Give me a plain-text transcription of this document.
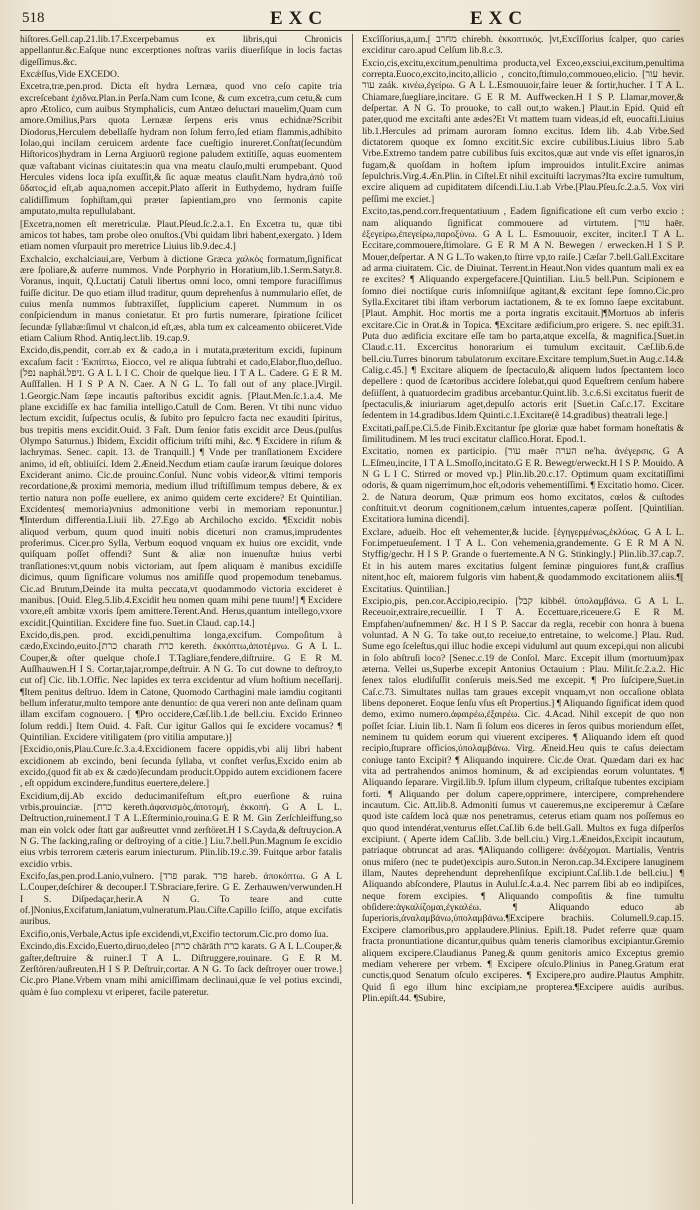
518	EXC	EXC

hiſtores.Gell.cap.21.lib.17.Excerpebamus ex libris,qui Chronicis appellantur.&c.Eaſque nunc excerptiones noſtras variis diuerſiſque in locis factas digeſſimus.&c.

Excǽſſus,Vide EXCEDO.

Excetra,træ,pen.prod. Dicta eſt hydra Lernæa, quod vno ceſo capite tria excreſcebant ἐχιδνα.Plan.in Perſa.Nam cum Icone, & cum excetra,cum cetu,& cum apro Ætolico, cum auibus Stymphalicis, cum Antæo deluctari mauelim,Quam cum amore.Omilius,Pars quota Lernææ ſerpens eris vnus echidnæ?Scribit Diodorus,Herculem debellaſſe hydram non ſolum ferro,ſed etiam flammis,adhibito Iolao,qui incilam ceruicem ardente face cueſtigio inureret.Conſtat(ſecundùm Hiſtoricos)hydram in Lerna Argiuorū regione paludem extitiſſe, aquas euomentem quæ vaſtabant vicinas ciuitates:in qua vna meatu clauſo,multi erumpebant. Quod Hercules videns loca ipſa exuſſit,& ſic aquæ meatus clauſit.Nam hydra,ἀπὸ τοῦ ὕδατος,id eſt,ab aqua,nomen accepit.Plato aſſerit in Euthydemo, hydram fuiſſe calidiſſimum ſophiſtam,qui præter ſapientiam,pro vno ſermonis capite amputato,multa repullulabant.

[Excetra,nomen eſt meretriculæ. Plaut.Pſeud.ſc.2.a.1. En Excetra tu, quæ tibi amicos tot habes, tam probe oleo onuſtos.(Vbi quidam libri habent,exergato. ) Idem etiam nomen vſurpauit pro meretrice Liuius lib.9.dec.4.]

Exchalcio, exchalciaui,are, Verbum à dictione Græca χαλκὸς formatum,ſignificat ære ſpoliare,& auferre nummos. Vnde Porphyrio in Horatium,lib.1.Serm.Satyr.8. Voranus, inquit, Q.Luctatij Catuli libertus omni loco, omni tempore furaciſſimus fuiſſe dicitur. De quo etiam illud traditur, quum deprehenſus à nummulario eſſet, de cuius menſa nummos ſubtraxiſſet, ſupplicium caperet. Nummum in os conſpiciendum in manus conietatur. Et pro furtis numerare, ſpiratione ſcilicet ſecundæ ſyllabæ:ſimul vt chalcon,id eſt,æs, abla tum ex calceamento obiiceret.Vide etiam Calium Rhod. Antiq.lect.lib. 19.cap.9.

Excido,dis,pendit, corr.ab ex & cado,a in i mutata,præteritum excidi, ſupinum excaſum facit : Ἐκπίπτω, Eiocco, vel re aliqua ſubtrahi et cado,Elabor,fluo,deſluo. [נפל naphál.ניפל. G A L L I C. Choir de quelque lieu. I T A L. Cadere. G E R M. Auſſfallen. H I S P A N. Caer. A N G L. To fall out of any place.]Virgil. 1.Georgic.Nam ſæpe incautis paſtoribus excidit agnis. [Plaut.Men.ſc.1.a.4. Me plane excidiſſe ex hac familia intelligo.Catull de Com. Beren. Vt tibi nunc viduo lectum excidit, ſuſpectus oculis, & ſubito pro ſepulcro facta nec exauditi ſpiritus, bus trepitis mens excidit.Ouid. 3 Faſt. Dum ſenior fatis excidit arce Deus.(pulſus Olympo Saturnus.) Ibidem, Excidit officium triſti mihi, &c. ¶ Excidere in riſum & lachrymas. Senec. capit. 13. de Tranquill.] ¶ Vnde per tranſlationem Excidere animo, id eſt, obliuiſci. Idem 2.Æneid.Necdum etiam cauſæ irarum ſæuique dolores Exciderant animo. Cic.de prouinc.Conſul. Nunc vobis videor,& vltimi temporis recordatione,& proximi memoria, medium illud triſtiſſimum tempus debere, & ex tertio natura non poſſe euellere, ex animo quidem certe excidere? Et Quintilian. Excidentes( memoria)vnius admonitione verbi in memoriam reponuntur.] ¶Interdum differentia.Liuii lib. 27.Ego ab Archilocho excido. ¶Excidit nobis aliquod verbum, quum quod inuiti nobis diceturi non cramus,imprudentes proferimus. Cicer.pro Sylla, Verbum eoquod vnquam ex huius ore excidit, vnde quiſquam poſſet offendi? Sunt & aliæ non inuenuſtæ huius verbi tranſlationes:vt,quum nobis victoriam, aut ſpem aliquam è manibus excidiſſe dicimus, quum ſignificare volumus nos amiſiſſe quod propemodum tenebamus. Cic.ad Brutum,Deinde ita multa peccata,vt quodammodo victoria excideret è manibus. [Ouid. Eleg.5.lib.4.Excidit heu nomen quam mihi pene tuum!] ¶ Excidere vxore,eſt ambitæ vxoris ſpem amittere.Terent.And. Herus,quantum intellego,vxore excidit.[Quintilian. Excidere fine fuo. Suet.in Claud. cap.14.]

Excido,dis,pen. prod. excidi,penultima longa,excifum. Compoſitum à cædo,Excindo,euito.[כרת charath כרת kereth. ἐκκόπτω,ἀποτέμνω. G A L L. Couper,& oſter quelque choſe.I T.Tagliare,fendere,diſtruire. G E R M. Auſſhauwen.H I S. Cortar,tajar,rompe,deſtruir. A N G. To cut downe to deſtroy,to cut of] Cic. lib.1.Offic. Nec lapides ex terra excidentur ad vſum hoſtium neceſſarij. ¶Item penitus deſtruo. Idem in Catone, Quomodo Carthagini male iamdiu cogitanti bellum inferatur,multo tempore ante denuntio: de qua vereri non ante deſinam quam illam excifam cognouero. [ ¶Pro occidere,Cæſ.lib.1.de bell.ciu. Excido Erinneo ſolum reddi.] Item Ouid. 4. Faſt. Cur igitur Gallos qui ſe excidere vocamus? ¶ Quintilian. Excidere vitiligatem (pro vitilia amputare.)]

[Excidio,onis,Plau.Cure.ſc.3.a.4.Excidionem facere oppidis,vbi alij libri habent excidionem ab excindo, beni ſecunda ſyllaba, vt conſtet verſus,Excido enim ab excido,(quod fit ab ex & cædo)ſecundam producit.Oppido autem excidionem facere , eſt oppidum excindere,funditus euertere,delere.]

Excidium,dij.Ab excido deducimanifeſtum eſt,pro euerſione & ruina vrbis,prouinciæ. [כרת kereth.ἀφανισμὸς,ἀποτομή, ἐκκοπή. G A L L. Deſtruction,ruinement.I T A L.Eſterminio,rouina.G E R M. Gin Zerſchleiffung,so man ein volck oder ſtatt gar außreuttet vnnd zerſtöret.H I S.Cayda,& deſtruycion.A N G. The ſacking,raſing or deſtroying of a citie.] Liu.7.bell.Pun.Magnum ſe excidio eius vrbis terrorem cæteris earum iniecturum. Plin.lib.19.c.39. Fuitque arbor fatalis excidio vrbis.

Excifo,ſas,pen.prod.Lanio,vulnero. [פרד parak. פרד hareb. ἀποκόπτω. G A L L.Couper,deſchirer & decouper.I T.Sbraciare,ferire. G E. Zerhauwen/verwunden.H I S. Diſpedaçar,herir.A N G. To teare and cutte of.]Nonius,Excifatum,laniatum,vulneratum.Plau.Ciſte.Capillo ſciſſo, atque excifatis auribus.

Excifio,onis,Verbale,Actus ipſe excidendi,vt,Excifio tectorum.Cic.pro domo ſua.

Excindo,dis.Excido,Euerto,diruo,deleo [כרת chārāth כרת karats. G A L L.Couper,& gaſter,deſtruire & ruiner.I T A L. Diſtruggere,rouinare. G E R M. Zerſtören/außreuten.H I S P. Deſtruir,cortar. A N G. To ſack deſtroyer ouer trowe.] Cic.pro Plane.Vrbem vnam mihi amiciſſimam declinaui,quæ ſe vel potius excindi, quàm è ſuo complexu vt eriperet, facile pateretur.

Excîſſorius,a,um.[ מחרב chirebh. ἐκκοπτικός. ]vt,Excîſſorius ſcalper, quo caries exciditur caro.apud Celſum lib.8.c.3.

Excio,cis,excitu,excitum,penultima producta,vel Exceo,exsciui,excitum,penultima correpta.Euoco,excito,incito,allicio , concito,ſtimulo,commoueo,elicio. [עור hevir. עור zaák. κινέω,ἐγείρω. G A L L.Esmouuoir,faire leuer & ſortir,hucher. I T A L. Chiamare,ſuegliare,incitare. G E R M. Auffwecken.H I S P. Llamar,mover,& deſpertar. A N G. To prouoke, to call out,to waken.] Plaut.in Epid. Quid eſt pater,quod me excitaſti ante ædes?Et Vt mattem tuam videas,id eſt, euocaſti.Liuius lib.1.Hercules ad primam auroram ſomno excitus. Idem lib. 4.ab Vrbe.Sed dictatorem quoque ex ſomno excitit.Sic excire cubilibus.Liuius libro 5.ab Vrbe.Extremo tandem patre cubilibus ſuis excitos,quæ aut vnde vis eſſet ignaros,in fugam,& quoſdam in hoſtem ipſum improuidos intulit.Excire animas ſepulchris.Virg.4.Æn.Plin. in Ciſtel.Et nihil excituiſti lacrymas?Ita excire tumultum, excire aliquem ad cupiditatem diſcendi.Liu.1.ab Vrbe.[Plau.Pſeu.ſc.2.a.5. Vox viri peſſimi me exciet.]

Excito,tas,pend.corr.frequentatiuum , Eadem ſignificatione eſt cum verbo excio : nam aliquando ſignificat commouere ad virtutem. [עור haēr. ἐξεγείρω,ἐπεγείρω,παροξύνω. G A L L. Esmouuoir, exciter, inciter.I T A L. Eccitare,commouere,ſtimolare. G E R M A N. Bewegen / erwecken.H I S P. Mouer,deſpertar. A N G L.To waken,to ſtirre vp,to raiſe.] Cæſar 7.bell.Gall.Excitare ad arma ciuitatem. Cic. de Diuinat. Terrent.in Heaut.Non vides quantum mali ex ea re excites? ¶ Aliquando expergefacere.[Quintilian. Liu.5 bell.Pun. Scipionem e ſomno diei noctiſque curis inſomniiſque agitant,& excitant ſepe ſomno.Cic.pro Sylla.Excitaret tibi iſtam verborum iactationem, & te ex ſomno ſaepe excitabunt. [Plaut. Amphit. Hoc mortis me a porta ingratis excitauit.]¶Mortuos ab inferis excitare.Cic in Orat.& in Topica. ¶Excitare ædificium,pro erigere. S. nec epiſt.31. Puta duo ædificia excitare eſſe tam bo parta,atque excelſa, & magnifica.[Suet.in Claud.c.11. Excercitus honorarium ei tumulum excitauit. Cæſ.lib.6.de bell.ciu.Turres binorum tabulatorum excitare.Excitare templum,Suet.in Aug.c.14.& Calig.c.45.] ¶ Excitare aliquem de ſpectaculo,& aliquem ludos ſpectantem loco depellere : quod de ſcætoribus accidere ſolebat,qui quod Equeſtrem cenſum habere deſiiſſent, à quatuordecim gradibus arcebantur.Quint.lib. 3.c.6.Si excitatus fuerit de ſpectaculis,& iniuriarum aget,depulſo actoris erit [Suet.in Caſ.c.17. Excitare ſedentem in 14.gradibus.Idem Quinti.c.1.Excitare(ẽ 14.gradibus) theatrali lege.]

Excitati,paſſ.pe.Ci.5.de Finib.Excitantur ſpe gloriæ quæ habet formam honeſtatis & ſimilitudinem. M les truci excitatur claſſico.Horat. Epod.1.

Excitatio, nomen ex participio. [עור maēr הערה ne'ha. ἀνέγερσις. G A L.Eſmeu,incite, I T A L.Smoſſo,incitato.G E R. Bewegt/erweckt.H I S P. Mouido. A N G L I C. Stirred or moved vp.] Plin.lib.20.c.17. Optimum quam excitatiſſimi odoris, & quam nigerrimum,hoc eſt,odoris vehementiſſimi. ¶ Excitatio homo. Cicer. 2. de Natura deorum, Quæ primum eos homo excitatos, cœlos & cuſtodes conſtituit.vt deorum cognitionem,cælum intuentes,caperæ poſſent. [Quintilian. Excitatiora lumina dicendi].

Exclare, adueib. Hoc eſt vehementer,& lucide. [ἐγηγερμένως,ἐκλύως. G A L L. For.impetueuſement. I T A L. Con vehemenia,grandemente. G E R M A N. Styffig/gechr. H I S P. Grande o fuertemente.A N G. Stinkingly.] Plin.lib.37.cap.7. Et in his autem mares excitatius ſulgent ſeminæ pinguiores funt,& craſſius nitent,hoc eſt, maiorem fulgoris vim habent,& quodammodo excitationem aliis.¶[ Excitatius. Quintilian.]

Excipio,pis, pen.cor.Accipio,recipio. [קבל kibbél. ὑπολαμβάνω. G A L L. Receuoir,extraire,recueillir. I T A. Eccettuare,riceuere.G E R M. Empfahen/aufnemmen/ &c. H I S P. Saccar da regla, recebir con honra à buena voluntad. A N G. To take out,to receiue,to entretaine, to welcome.] Plau. Rud. Sume ego ſceleſtus,qui illuc hodie excepi viduluml aut quum excepi,qui non alicubi in ſolo abſtruſi loco? [Senec.c.19 de Conſol. Marc. Excepit illum (mortuum)pax æterna. Vellei us,Superbe excepit Antonius Octauium : Plau. Milit.ſc.2.a.2. Hic ſenex talos eludiſuſſit conſeruis meis.Sed me excepit. ¶ Pro ſuſcipere,Suet.in Caſ.c.73. Simultates nullas tam graues excepit vnquam,vt non occaſione oblata libens deponeret. Eoque ſenſu vſus eſt Propertius.] ¶ Aliquando ſignificat idem quod demo, eximo numero.ἀφαιρέω,ἐξαιρέω. Cic. 4.Acad. Nihil excepit de quo non poſſet ſciar. Liuin lib.1. Nam ſi ſolum eos diceres in ſeros quibus moriendum eſſet, neminem tu quidem eorum qui viuerent exciperes. ¶ Aliquando idem eſt quod recipio,ſtuprare officios,ὑπολαμβάνω. Virg. Æneid.Heu quis te caſus deiectam coniuge tanto Excipit? ¶ Aliquando inquirere. Cic.de Orat. Quædam dari ex hac vita ad pertrahendos animos hominum, & ad excipiendas eorum voluntates. ¶ Aliquando ſeparare. Virgil.lib.9. Ipſum illum clypeum, criſtaſque tubentes excipiam forti. ¶ Aliquando per dolum capere,opprimere, intercipere, comprehendere incautum. Cic. Att.lib.8. Admoniti ſumus vt caueremus,ne exciperemur à Cæſare quod iste caſdem locà quæ nos penetramus, ceterus etiam quam nos poſſemus eo quo quod intendérat,venturus eſſet.Caſ.lib 6.de bell.Gall. Multos ex fuga diſperſos excipiunt. ( Aperte idem Caſ.lib. 3.de bell.ciu.) Virg.1.Æneidos,Excipit incautum, patriaque obtruncat ad aras. ¶Aliquando colligere: ἀνδέχομαι. Martialis, Ventris onus miſero (nec te pudet)excipis auro.Suton.in Neron.cap.34.Excipere lanuginem illam, Nautes deprehendunt deprehenſiſque excipiunt.Caſ.lib.1.de bell.ciu.] ¶ Aliquando abſcondere, Plautus in Aulul.ſc.4.a.4. Nec parrem ſibi ab eo indipiſces, neque forem excipies. ¶ Aliquando compoſitis & fine tumultu obſidere:ἀγκαλίζομαι,ἐγκαλέω. ¶ Aliquando educo ab ſuperioris,ἀναλαμβάνω,ὑπολαμβάνω.¶Excipere brachiis. Columell.9.cap.15. Excipere clamoribus,pro applaudere.Plinius. Epiſt.18. Pudet referre quæ quam fracta pronuntiatione dicantur,quibus quàm teneris clamoribus excipiantur.Gremio aliquem excipere.Claudianus Paneg.& quum genitoris amico Exceptus gremio mediam veherere per vrbem. ¶ Excipere oſculo.Plinius in Paneg.Gratum erat cunctis,quod Senatum oſculo exciperes. ¶ Excipere,pro audire.Plautus Amphitr. Quid ſi ego illum hinc excipiam,ne propterea.¶Excipere auidis auribus. Plin.epiſt.44. ¶Subire,
